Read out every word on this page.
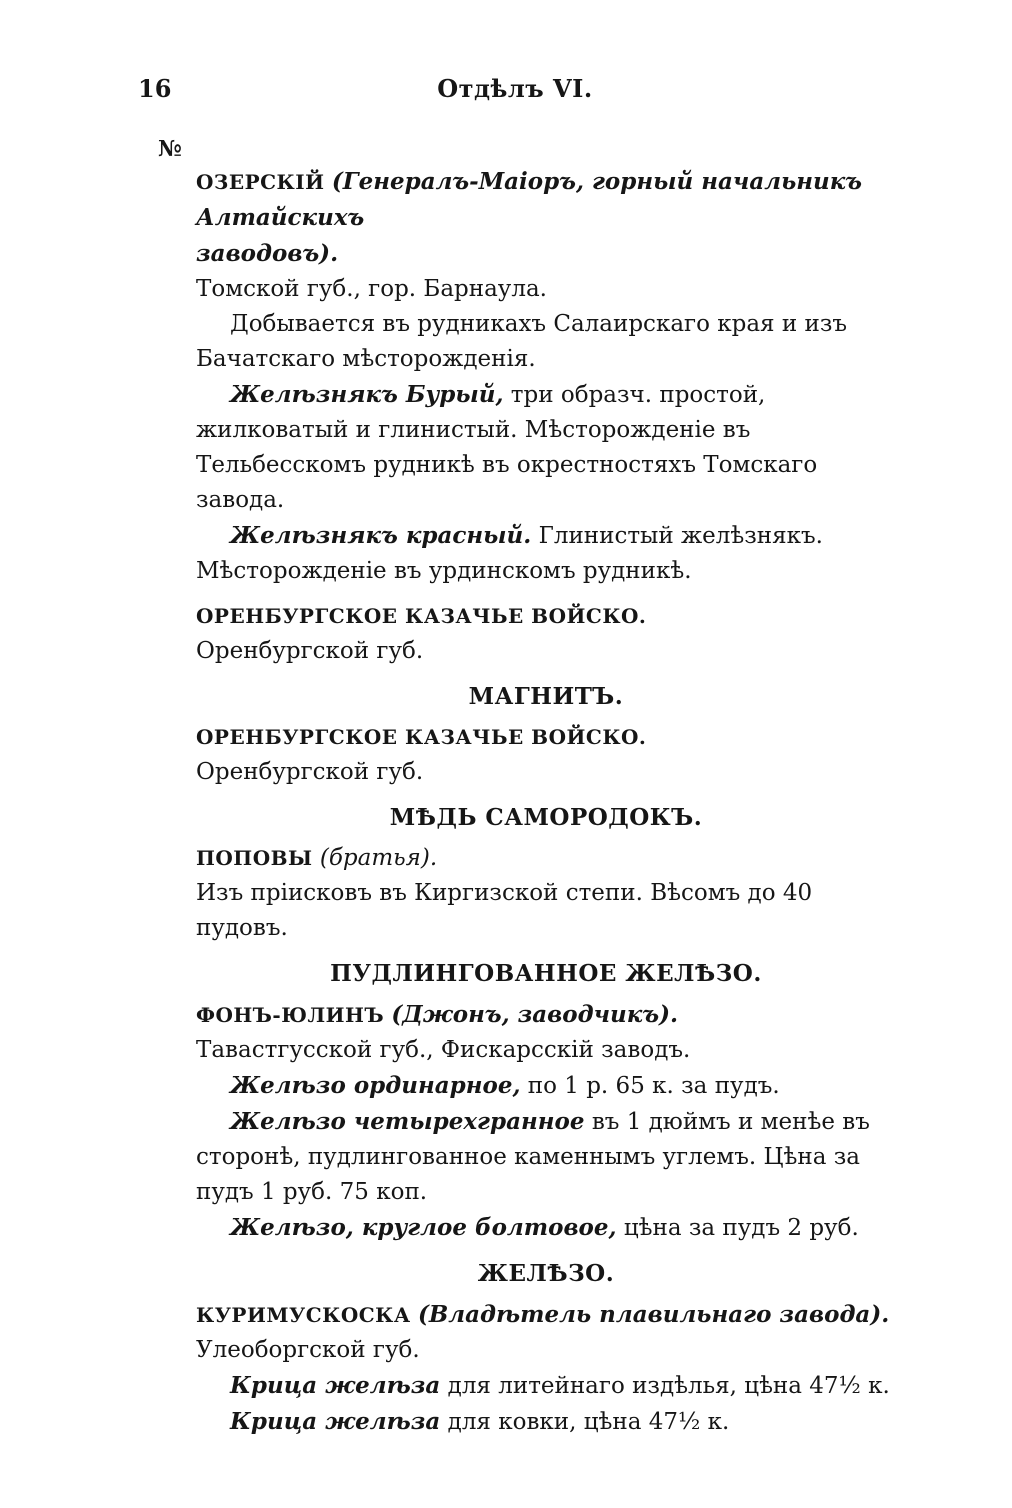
16	Отдѣлъ VI.
№

ОЗЕРСКІЙ (Генералъ-Маіоръ, горный начальникъ Алтайскихъ
заводовъ).

Томской губ., гор. Барнаула.

Добывается въ рудникахъ Салаирскаго края и изъ Бачатскаго мѣсторожденія.

Желѣзнякъ Бурый, три образч. простой, жилковатый и глинистый. Мѣсторожденіе въ Тельбесскомъ рудникѣ въ окрестностяхъ Томскаго завода.

Желѣзнякъ красный. Глинистый желѣзнякъ. Мѣсторожденіе въ урдинскомъ рудникѣ.

ОРЕНБУРГСКОЕ КАЗАЧЬЕ ВОЙСКО.

Оренбургской губ.

МАГНИТЪ.

ОРЕНБУРГСКОЕ КАЗАЧЬЕ ВОЙСКО.

Оренбургской губ.

МѢДЬ САМОРОДОКЪ.

ПОПОВЫ (братья).

Изъ прiисковъ въ Киргизской степи. Вѣсомъ до 40 пудовъ.

ПУДЛИНГОВАННОЕ ЖЕЛѢЗО.

ФОНЪ-ЮЛИНЪ (Джонъ, заводчикъ).

Тавастгусской губ., Фискарсскій заводъ.

Желѣзо ординарное, по 1 р. 65 к. за пудъ.

Желѣзо четырехгранное въ 1 дюймъ и менѣе въ сторонѣ, пудлингованное каменнымъ углемъ. Цѣна за пудъ 1 руб. 75 коп.

Желѣзо, круглое болтовое, цѣна за пудъ 2 руб.

ЖЕЛѢЗО.

КУРИМУСКОСКА (Владѣтель плавильнаго завода).

Улеоборгской губ.

Крица желѣза для литейнаго издѣлья, цѣна 47½ к.

Крица желѣза для ковки, цѣна 47½ к.
